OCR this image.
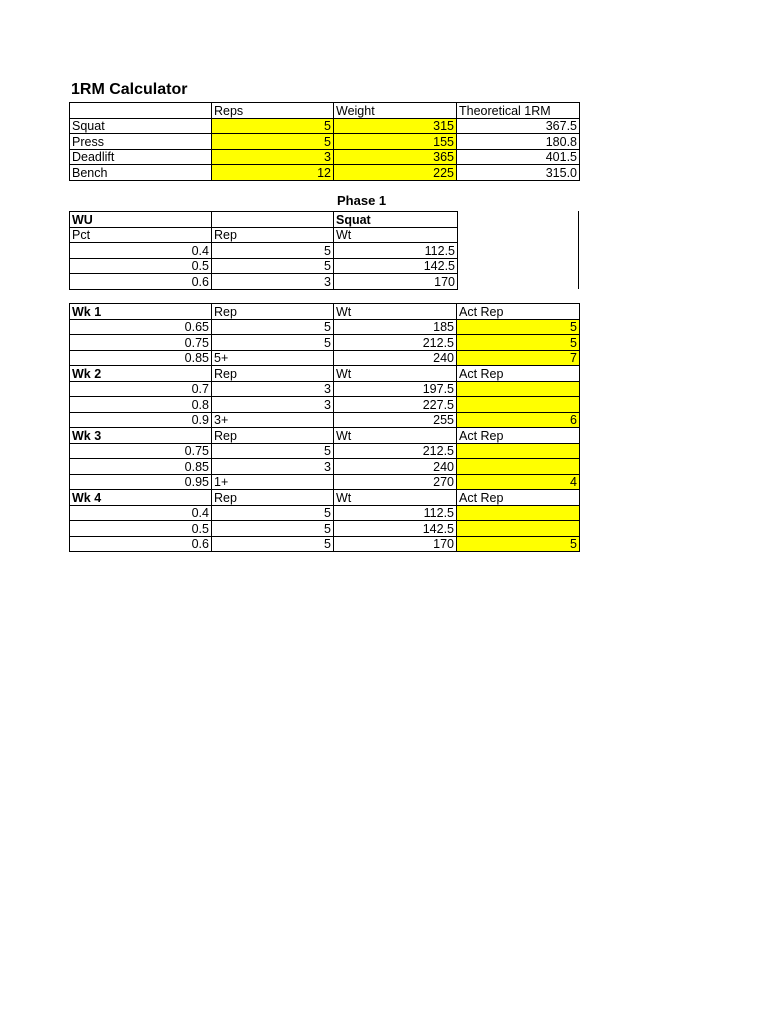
1RM Calculator
	Reps	Weight	Theoretical 1RM
Squat	5	315	367.5
Press	5	155	180.8
Deadlift	3	365	401.5
Bench	12	225	315.0
Phase 1
WU		Squat
Pct	Rep	Wt
0.4	5	112.5
0.5	5	142.5
0.6	3	170
Wk 1	Rep	Wt	Act Rep
0.65	5	185	5
0.75	5	212.5	5
0.85	5+	240	7
Wk 2	Rep	Wt	Act Rep
0.7	3	197.5	
0.8	3	227.5	
0.9	3+	255	6
Wk 3	Rep	Wt	Act Rep
0.75	5	212.5	
0.85	3	240	
0.95	1+	270	4
Wk 4	Rep	Wt	Act Rep
0.4	5	112.5	
0.5	5	142.5	
0.6	5	170	5
